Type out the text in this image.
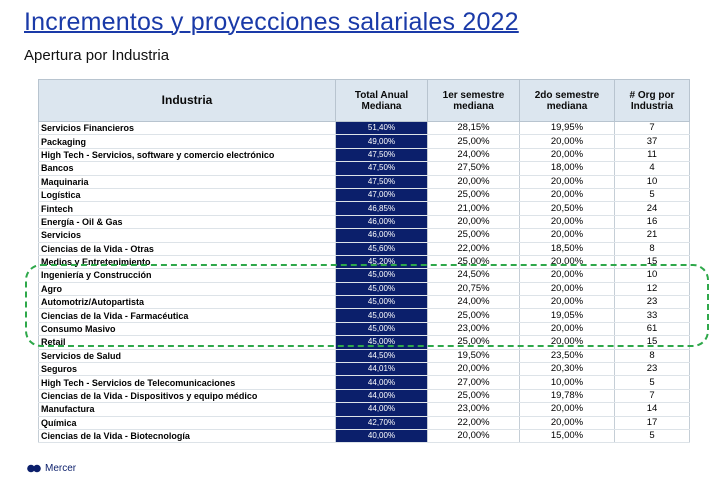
Incrementos y proyecciones salariales 2022
Apertura por Industria
Industria	Total Anual Mediana	1er semestre mediana	2do semestre mediana	# Org por Industria
Servicios Financieros	51,40%	28,15%	19,95%	7
Packaging	49,00%	25,00%	20,00%	37
High Tech - Servicios, software y comercio electrónico	47,50%	24,00%	20,00%	11
Bancos	47,50%	27,50%	18,00%	4
Maquinaria	47,50%	20,00%	20,00%	10
Logística	47,00%	25,00%	20,00%	5
Fintech	46,85%	21,00%	20,50%	24
Energía - Oil & Gas	46,00%	20,00%	20,00%	16
Servicios	46,00%	25,00%	20,00%	21
Ciencias de la Vida - Otras	45,60%	22,00%	18,50%	8
Medios y Entretenimiento	45,20%	25,00%	20,00%	15
Ingeniería y Construcción	45,00%	24,50%	20,00%	10
Agro	45,00%	20,75%	20,00%	12
Automotriz/Autopartista	45,00%	24,00%	20,00%	23
Ciencias de la Vida - Farmacéutica	45,00%	25,00%	19,05%	33
Consumo Masivo	45,00%	23,00%	20,00%	61
Retail	45,00%	25,00%	20,00%	15
Servicios de Salud	44,50%	19,50%	23,50%	8
Seguros	44,01%	20,00%	20,30%	23
High Tech - Servicios de Telecomunicaciones	44,00%	27,00%	10,00%	5
Ciencias de la Vida - Dispositivos y equipo médico	44,00%	25,00%	19,78%	7
Manufactura	44,00%	23,00%	20,00%	14
Química	42,70%	22,00%	20,00%	17
Ciencias de la Vida - Biotecnología	40,00%	20,00%	15,00%	5
Mercer
